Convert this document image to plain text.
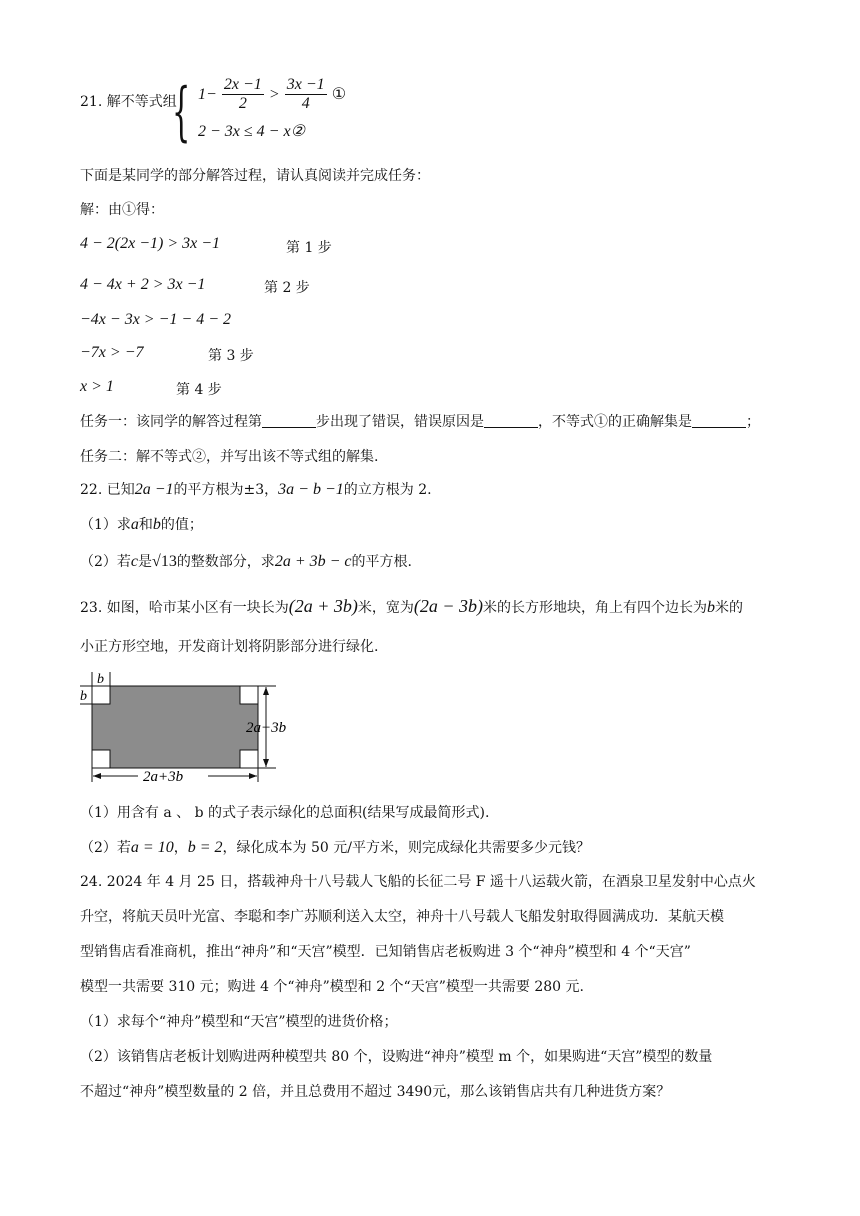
21. 解不等式组
{ $1- \frac{2x -1}{2} > \frac{3x -1}{4}$ ①
2 − 3x ≤ 4 − x②
下面是某同学的部分解答过程，请认真阅读并完成任务：
解：由①得：
4 − 2(2x −1) > 3x −1	第 1 步
4 − 4x + 2 > 3x −1	第 2 步
−4x − 3x > −1 − 4 − 2
−7x > −7	第 3 步
x > 1	第 4 步
任务一：该同学的解答过程第	步出现了错误，错误原因是	，不等式①的正确解集是	；
任务二：解不等式②，并写出该不等式组的解集.
22. 已知2a −1的平方根为±3，3a − b −1的立方根为 2.
（1）求a和b的值；
（2）若c是√13的整数部分，求2a + 3b − c的平方根.
23. 如图，哈市某小区有一块长为(2a + 3b)米，宽为(2a − 3b)米的长方形地块，角上有四个边长为b米的
小正方形空地，开发商计划将阴影部分进行绿化.
b
b
2a−3b
2a+3b
（1）用含有 a 、 b 的式子表示绿化的总面积(结果写成最简形式).
（2）若a = 10，b = 2，绿化成本为 50 元/平方米，则完成绿化共需要多少元钱？
24. 2024 年 4 月 25 日，搭载神舟十八号载人飞船的长征二号 F 遥十八运载火箭，在酒泉卫星发射中心点火
升空，将航天员叶光富、李聪和李广苏顺利送入太空，神舟十八号载人飞船发射取得圆满成功．某航天模
型销售店看准商机，推出“神舟”和“天宫”模型．已知销售店老板购进 3 个“神舟”模型和 4 个“天宫”
模型一共需要 310 元；购进 4 个“神舟”模型和 2 个“天宫”模型一共需要 280 元.
（1）求每个“神舟”模型和“天宫”模型的进货价格；
（2）该销售店老板计划购进两种模型共 80 个，设购进“神舟”模型 m 个，如果购进“天宫”模型的数量
不超过“神舟”模型数量的 2 倍，并且总费用不超过 3490元，那么该销售店共有几种进货方案？
